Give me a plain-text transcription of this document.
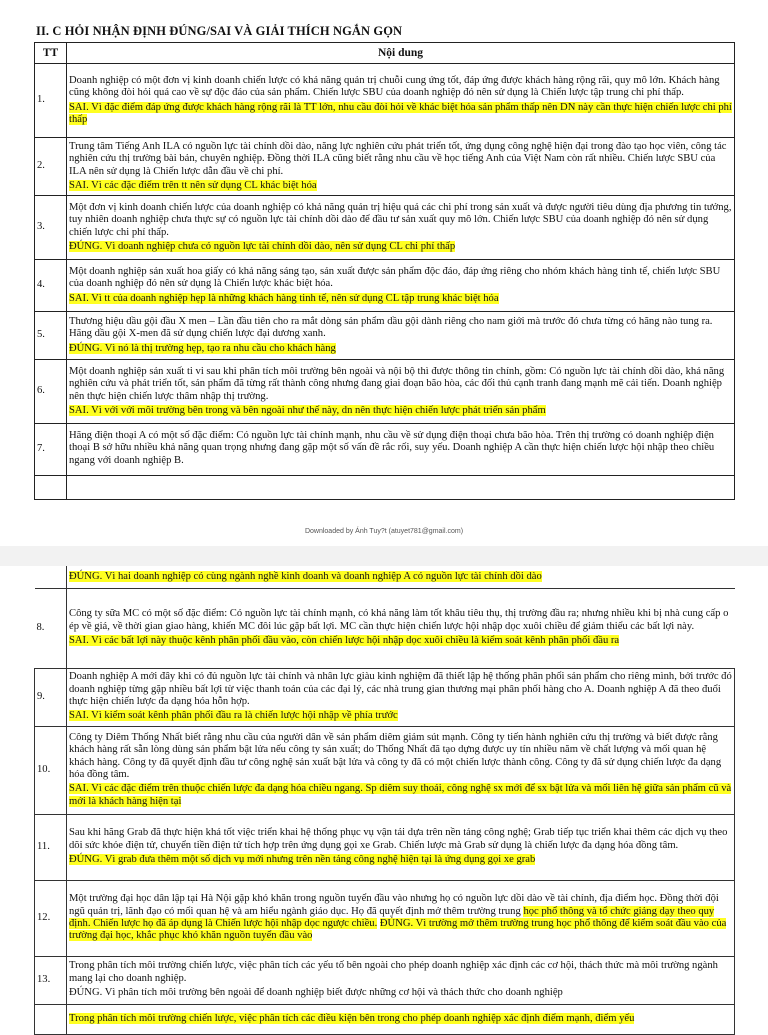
II. C HỎI NHẬN ĐỊNH ĐÚNG/SAI VÀ GIẢI THÍCH NGẮN GỌN
TT	Nội dung
1.	Doanh nghiệp có một đơn vị kinh doanh chiến lược có khả năng quản trị chuỗi cung ứng tốt, đáp ứng được khách hàng rộng rãi, quy mô lớn. Khách hàng cũng không đòi hỏi quá cao về sự độc đáo của sản phẩm. Chiến lược SBU của doanh nghiệp đó nên sử dụng là Chiến lược tập trung chi phí thấp.
SAI. Vì đặc điểm đáp ứng được khách hàng rộng rãi là TT lớn, nhu cầu đòi hỏi về khác biệt hóa sản phẩm thấp nên DN này cần thực hiện chiến lược chi phí thấp
2.	Trung tâm Tiếng Anh ILA có nguồn lực tài chính dồi dào, năng lực nghiên cứu phát triển tốt, ứng dụng công nghệ hiện đại trong đào tạo học viên, công tác nghiên cứu thị trường bài bản, chuyên nghiệp. Đồng thời ILA cũng biết rằng nhu cầu về học tiếng Anh của Việt Nam còn rất nhiều. Chiến lược SBU của ILA nên sử dụng là Chiến lược dẫn đầu về chi phí.
SAI. Vì các đặc điểm trên tt nên sử dụng CL khác biệt hóa
3.	Một đơn vị kinh doanh chiến lược của doanh nghiệp có khả năng quản trị hiệu quả các chi phí trong sản xuất và được người tiêu dùng địa phương tin tưởng, tuy nhiên doanh nghiệp chưa thực sự có nguồn lực tài chính dồi dào để đầu tư sản xuất quy mô lớn. Chiến lược SBU của doanh nghiệp đó nên sử dụng chiến lược chi phí thấp.
ĐÚNG. Vì doanh nghiệp chưa có nguồn lực tài chính dồi dào, nên sử dụng CL chi phí thấp
4.	Một doanh nghiệp sản xuất hoa giấy có khả năng sáng tạo, sản xuất được sản phẩm độc đáo, đáp ứng riêng cho nhóm khách hàng tinh tế, chiến lược SBU của doanh nghiệp đó nên sử dụng là Chiến lược khác biệt hóa.
SAI. Vì tt của doanh nghiệp hẹp là những khách hàng tinh tế, nên sử dụng CL tập trung khác biệt hóa
5.	Thương hiệu dầu gội đầu X men – Lần đầu tiên cho ra mắt dòng sản phẩm dầu gội dành riêng cho nam giới mà trước đó chưa từng có hãng nào tung ra. Hãng dầu gội X-men đã sử dụng chiến lược đại dương xanh.
ĐÚNG. Vì nó là thị trường hẹp, tạo ra nhu cầu cho khách hàng
6.	Một doanh nghiệp sản xuất ti vi sau khi phân tích môi trường bên ngoài và nội bộ thì được thông tin chính, gồm: Có nguồn lực tài chính dồi dào, khả năng nghiên cứu và phát triển tốt, sản phẩm đã từng rất thành công nhưng đang giai đoạn bão hòa, các đối thủ cạnh tranh đang mạnh mẽ cải tiến. Doanh nghiệp nên thực hiện chiến lược thâm nhập thị trường.
SAI. Vì với với môi trường bên trong và bên ngoài như thế này, dn nên thực hiện chiến lược phát triển sản phẩm
7.	Hãng điện thoại A có một số đặc điểm: Có nguồn lực tài chính mạnh, nhu cầu về sử dụng điện thoại chưa bão hòa. Trên thị trường có doanh nghiệp điện thoại B sở hữu nhiều khả năng quan trọng nhưng đang gặp một số vấn đề rắc rối, suy yếu. Doanh nghiệp A cần thực hiện chiến lược hội nhập theo chiều ngang với doanh nghiệp B.

Downloaded by Ánh Tuy?t (atuyet781@gmail.com)
	ĐÚNG. Vì hai doanh nghiệp có cùng ngành nghề kinh doanh và doanh nghiệp A có nguồn lực tài chính dồi dào
8.	Công ty sữa MC có một số đặc điểm: Có nguồn lực tài chính mạnh, có khả năng làm tốt khâu tiêu thụ, thị trường đầu ra; nhưng nhiều khi bị nhà cung cấp o ép về giá, về thời gian giao hàng, khiến MC đôi lúc gặp bất lợi. MC cần thực hiện chiến lược hội nhập dọc xuôi chiều để giảm thiểu các bất lợi này.
SAI. Vì các bất lợi này thuộc kênh phân phối đầu vào, còn chiến lược hội nhập dọc xuôi chiều là kiểm soát kênh phân phối đầu ra
9.	Doanh nghiệp A mới đây khi có đủ nguồn lực tài chính và nhân lực giàu kinh nghiệm đã thiết lập hệ thống phân phối sản phẩm cho riêng mình, bởi trước đó doanh nghiệp từng gặp nhiều bất lợi từ việc thanh toán của các đại lý, các nhà trung gian thương mại phân phối hàng cho A. Doanh nghiệp A đã theo đuổi thực hiện chiến lược đa dạng hóa hỗn hợp.
SAI. Vì kiểm soát kênh phân phối đầu ra là chiến lược hội nhập về phía trước
10.	Công ty Diêm Thống Nhất biết rằng nhu cầu của người dân về sản phẩm diêm giảm sút mạnh. Công ty tiến hành nghiên cứu thị trường và biết được rằng khách hàng rất sẵn lòng dùng sản phẩm bật lửa nếu công ty sản xuất; do Thống Nhất đã tạo dựng được uy tín nhiều năm về chất lượng và mối quan hệ khách hàng. Công ty đã quyết định đầu tư công nghệ sản xuất bật lửa và công ty đã có một chiến lược thành công. Công ty đã sử dụng chiến lược đa dạng hóa đồng tâm.
SAI. Vì các đặc điểm trên thuộc chiến lược đa dạng hóa chiều ngang. Sp diêm suy thoái, công nghệ sx mới để sx bật lửa và mối liên hệ giữa sản phẩm cũ và mới là khách hàng hiện tại
11.	Sau khi hãng Grab đã thực hiện khá tốt việc triển khai hệ thống phục vụ vận tải dựa trên nền tảng công nghệ; Grab tiếp tục triển khai thêm các dịch vụ theo dõi sức khỏe điện tử, chuyển tiền điện tử tích hợp trên ứng dụng gọi xe Grab. Chiến lược mà Grab sử dụng là chiến lược đa dạng hóa đồng tâm.
ĐÚNG. Vì grab đưa thêm một số dịch vụ mới nhưng trên nền tảng công nghệ hiện tại là ứng dụng gọi xe grab
12.	Một trường đại học dân lập tại Hà Nội gặp khó khăn trong nguồn tuyển đầu vào nhưng họ có nguồn lực dồi dào về tài chính, địa điểm học. Đồng thời đội ngũ quản trị, lãnh đạo có mối quan hệ và am hiểu ngành giáo dục. Họ đã quyết định mở thêm trường trung học phổ thông và tổ chức giảng dạy theo quy định. Chiến lược họ đã áp dụng là Chiến lược hội nhập dọc ngược chiều. ĐÚNG. Vì trường mở thêm trường trung học phổ thông để kiểm soát đầu vào của trường đại học, khắc phục khó khăn nguồn tuyển đầu vào
13.	Trong phân tích môi trường chiến lược, việc phân tích các yếu tố bên ngoài cho phép doanh nghiệp xác định các cơ hội, thách thức mà môi trường ngành mang lại cho doanh nghiệp.
ĐÚNG. Vì phân tích môi trường bên ngoài để doanh nghiệp biết được những cơ hội và thách thức cho doanh nghiệp
	Trong phân tích môi trường chiến lược, việc phân tích các điều kiện bên trong cho phép doanh nghiệp xác định điểm mạnh, điểm yếu
